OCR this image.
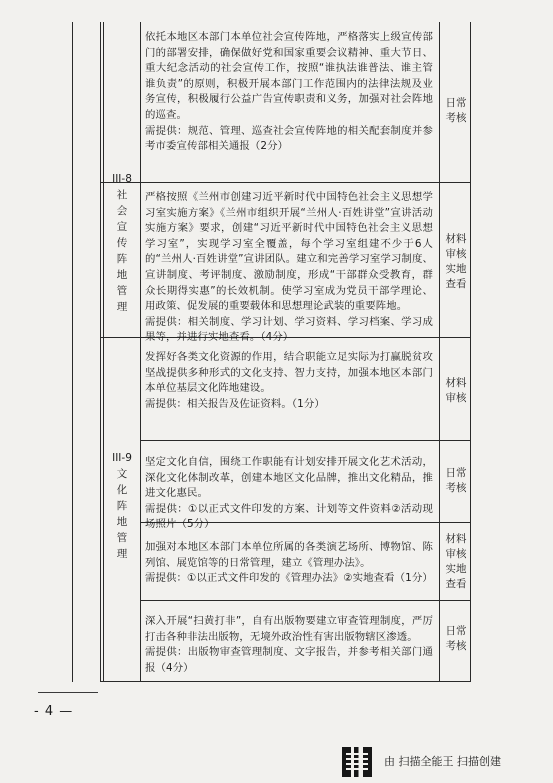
III-8
社会宣传阵地管理
III-9
文化阵地管理

依托本地区本部门本单位社会宣传阵地，严格落实上级宣传部门的部署安排，确保做好党和国家重要会议精神、重大节日、重大纪念活动的社会宣传工作，按照“谁执法谁普法、谁主管谁负责”的原则，积极开展本部门工作范围内的法律法规及业务宣传，积极履行公益广告宣传职责和义务，加强对社会阵地的巡查。

需提供：规范、管理、巡查社会宣传阵地的相关配套制度并参考市委宣传部相关通报（2分）

日常考核

严格按照《兰州市创建习近平新时代中国特色社会主义思想学习室实施方案》《兰州市组织开展“兰州人·百姓讲堂”宣讲活动实施方案》要求，创建“习近平新时代中国特色社会主义思想学习室”，实现学习室全覆盖，每个学习室组建不少于6人的“兰州人·百姓讲堂”宣讲团队。建立和完善学习室学习制度、宣讲制度、考评制度、激励制度，形成“干部群众受教育，群众长期得实惠”的长效机制。使学习室成为党员干部学理论、用政策、促发展的重要载体和思想理论武装的重要阵地。

需提供：相关制度、学习计划、学习资料、学习档案、学习成果等，并进行实地查看。（4分）

材料审核实地查看

发挥好各类文化资源的作用，结合职能立足实际为打赢脱贫攻坚战提供多种形式的文化支持、智力支持，加强本地区本部门本单位基层文化阵地建设。

需提供：相关报告及佐证资料。（1分）

材料审核

坚定文化自信，围绕工作职能有计划安排开展文化艺术活动，深化文化体制改革，创建本地区文化品牌，推出文化精品，推进文化惠民。

需提供：①以正式文件印发的方案、计划等文件资料②活动现场照片（5分）

日常考核

加强对本地区本部门本单位所属的各类演艺场所、博物馆、陈列馆、展览馆等的日常管理，建立《管理办法》。

需提供：①以正式文件印发的《管理办法》②实地查看（1分）

材料审核实地查看

深入开展“扫黄打非”，自有出版物要建立审查管理制度，严厉打击各种非法出版物，无境外政治性有害出版物辖区渗透。

需提供：出版物审查管理制度、文字报告，并参考相关部门通报（4分）

日常考核
- 4 —
由 扫描全能王 扫描创建
